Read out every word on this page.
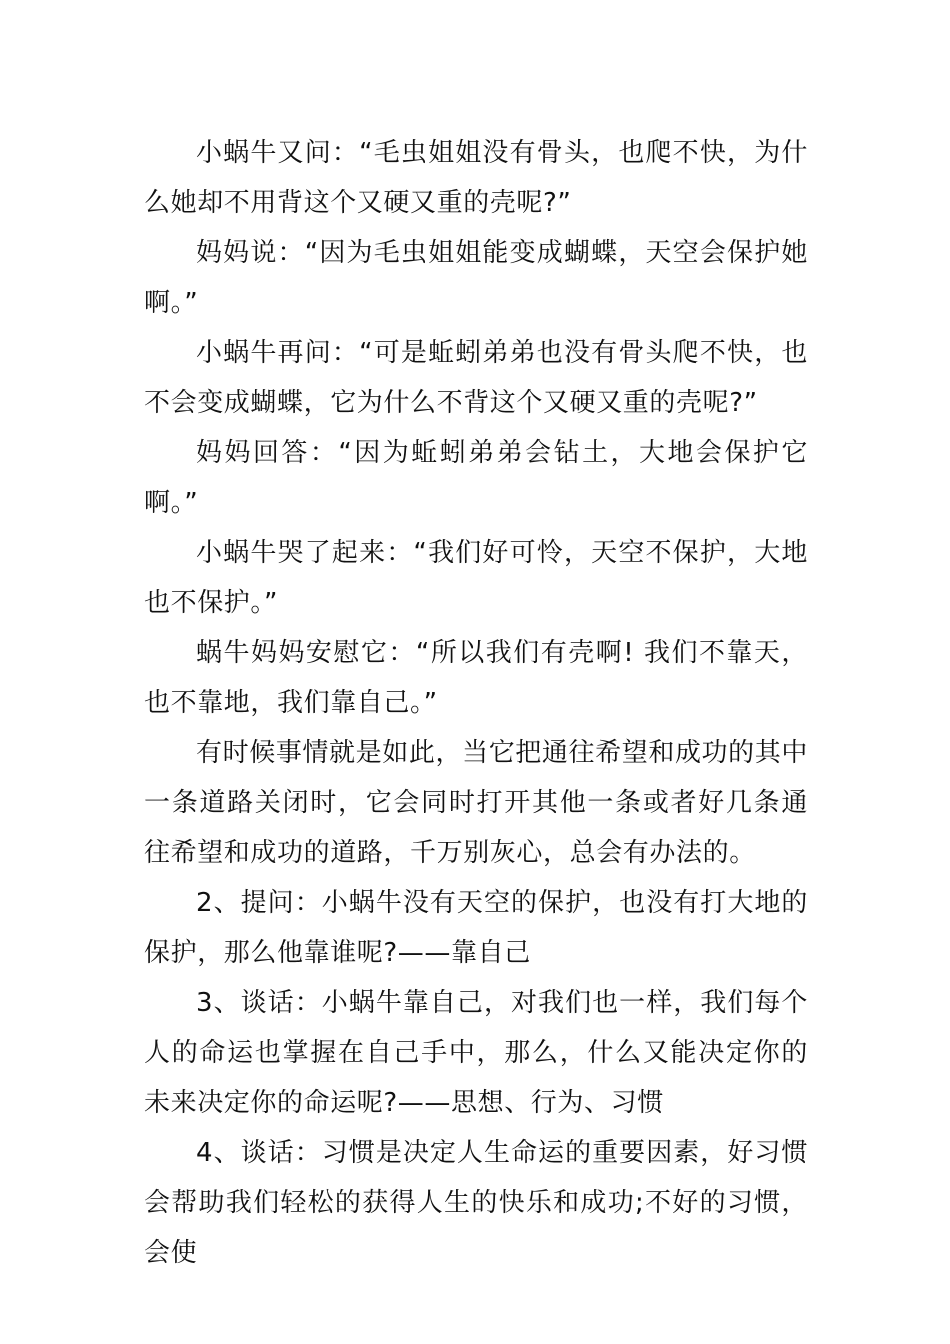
小蜗牛又问：“毛虫姐姐没有骨头，也爬不快，为什么她却不用背这个又硬又重的壳呢?”

妈妈说：“因为毛虫姐姐能变成蝴蝶，天空会保护她啊。”

小蜗牛再问：“可是蚯蚓弟弟也没有骨头爬不快，也不会变成蝴蝶，它为什么不背这个又硬又重的壳呢?”

妈妈回答：“因为蚯蚓弟弟会钻土，大地会保护它啊。”

小蜗牛哭了起来：“我们好可怜，天空不保护，大地也不保护。”

蜗牛妈妈安慰它：“所以我们有壳啊! 我们不靠天，也不靠地，我们靠自己。”

有时候事情就是如此，当它把通往希望和成功的其中一条道路关闭时，它会同时打开其他一条或者好几条通往希望和成功的道路，千万别灰心，总会有办法的。

2、提问：小蜗牛没有天空的保护，也没有打大地的保护，那么他靠谁呢?——靠自己

3、谈话：小蜗牛靠自己，对我们也一样，我们每个人的命运也掌握在自己手中，那么，什么又能决定你的未来决定你的命运呢?——思想、行为、习惯

4、谈话：习惯是决定人生命运的重要因素，好习惯会帮助我们轻松的获得人生的快乐和成功;不好的习惯，会使
